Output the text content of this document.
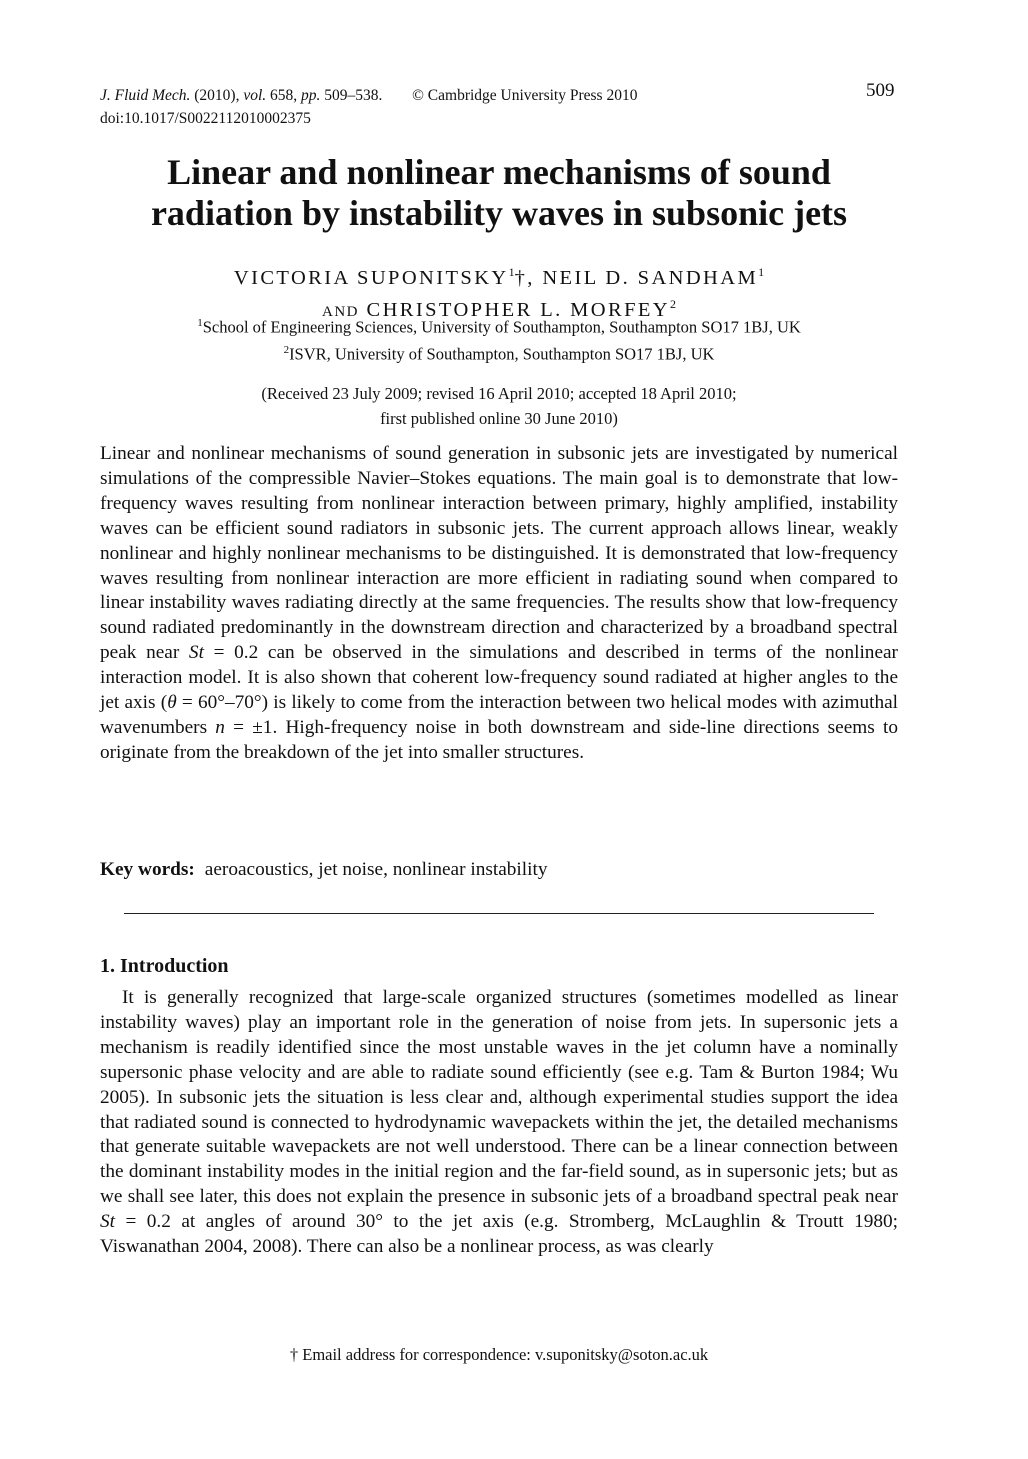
J. Fluid Mech. (2010), vol. 658, pp. 509–538. © Cambridge University Press 2010
doi:10.1017/S0022112010002375
509
Linear and nonlinear mechanisms of sound
radiation by instability waves in subsonic jets
VICTORIA SUPONITSKY$^1$†, NEIL D. SANDHAM$^1$
AND CHRISTOPHER L. MORFEY$^2$
$^1$School of Engineering Sciences, University of Southampton, Southampton SO17 1BJ, UK
$^2$ISVR, University of Southampton, Southampton SO17 1BJ, UK
(Received 23 July 2009; revised 16 April 2010; accepted 18 April 2010;
first published online 30 June 2010)
Linear and nonlinear mechanisms of sound generation in subsonic jets are investigated by numerical simulations of the compressible Navier–Stokes equations. The main goal is to demonstrate that low-frequency waves resulting from nonlinear interaction between primary, highly amplified, instability waves can be efficient sound radiators in subsonic jets. The current approach allows linear, weakly nonlinear and highly nonlinear mechanisms to be distinguished. It is demonstrated that low-frequency waves resulting from nonlinear interaction are more efficient in radiating sound when compared to linear instability waves radiating directly at the same frequencies. The results show that low-frequency sound radiated predominantly in the downstream direction and characterized by a broadband spectral peak near St = 0.2 can be observed in the simulations and described in terms of the nonlinear interaction model. It is also shown that coherent low-frequency sound radiated at higher angles to the jet axis (θ = 60°–70°) is likely to come from the interaction between two helical modes with azimuthal wavenumbers n = ±1. High-frequency noise in both downstream and side-line directions seems to originate from the breakdown of the jet into smaller structures.
Key words: aeroacoustics, jet noise, nonlinear instability
1. Introduction
It is generally recognized that large-scale organized structures (sometimes modelled as linear instability waves) play an important role in the generation of noise from jets. In supersonic jets a mechanism is readily identified since the most unstable waves in the jet column have a nominally supersonic phase velocity and are able to radiate sound efficiently (see e.g. Tam & Burton 1984; Wu 2005). In subsonic jets the situation is less clear and, although experimental studies support the idea that radiated sound is connected to hydrodynamic wavepackets within the jet, the detailed mechanisms that generate suitable wavepackets are not well understood. There can be a linear connection between the dominant instability modes in the initial region and the far-field sound, as in supersonic jets; but as we shall see later, this does not explain the presence in subsonic jets of a broadband spectral peak near St = 0.2 at angles of around 30° to the jet axis (e.g. Stromberg, McLaughlin & Troutt 1980; Viswanathan 2004, 2008). There can also be a nonlinear process, as was clearly
† Email address for correspondence: v.suponitsky@soton.ac.uk
